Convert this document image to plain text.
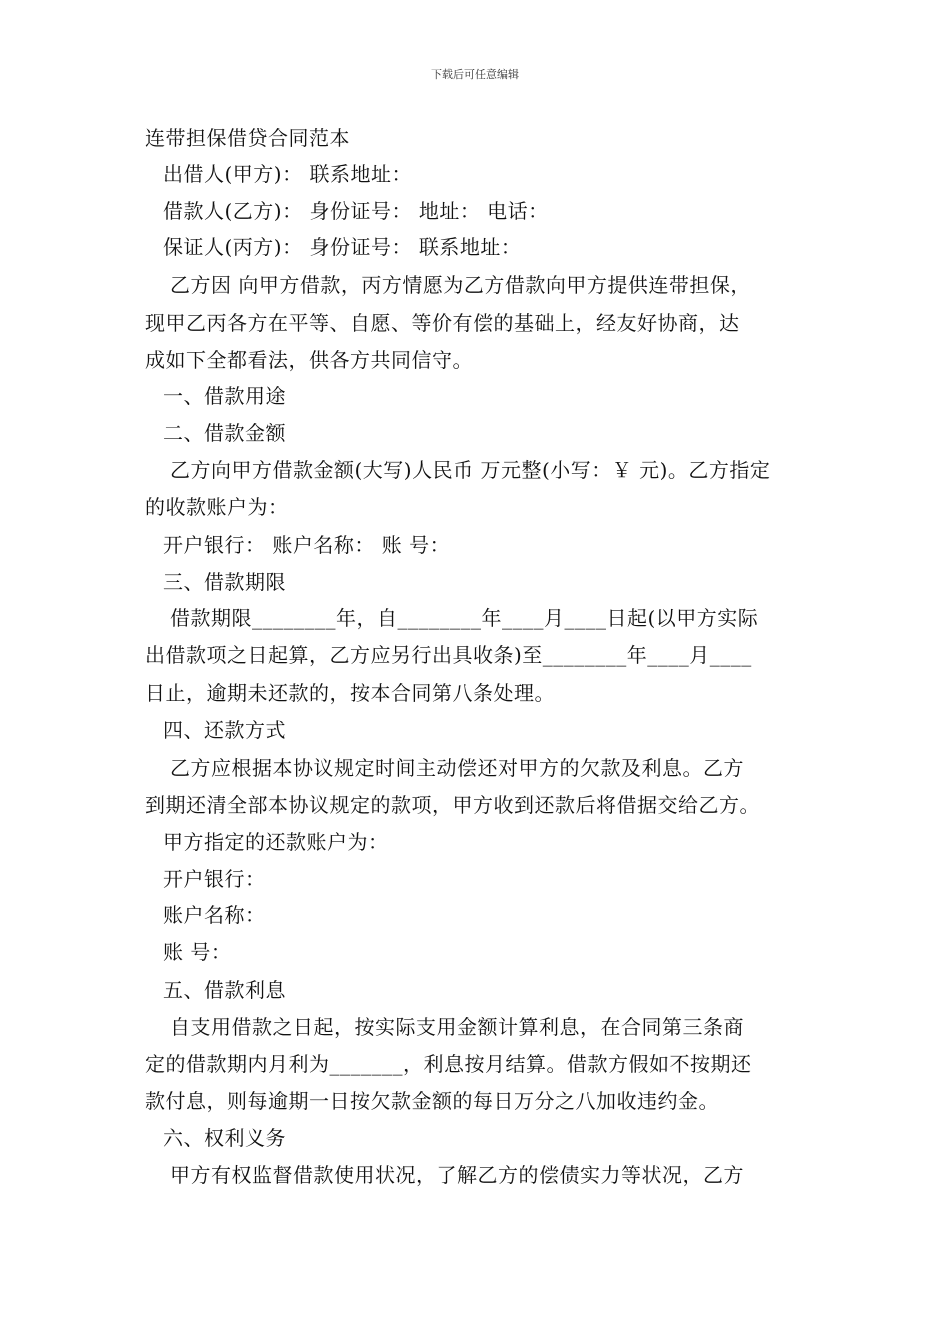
下载后可任意编辑
连带担保借贷合同范本
出借人(甲方)： 联系地址：
借款人(乙方)： 身份证号： 地址： 电话：
保证人(丙方)： 身份证号： 联系地址：
乙方因 向甲方借款，丙方情愿为乙方借款向甲方提供连带担保，
现甲乙丙各方在平等、自愿、等价有偿的基础上，经友好协商，达
成如下全都看法，供各方共同信守。
一、借款用途
二、借款金额
乙方向甲方借款金额(大写)人民币 万元整(小写：￥ 元)。乙方指定
的收款账户为：
开户银行： 账户名称： 账 号：
三、借款期限
借款期限________年，自________年____月____日起(以甲方实际
出借款项之日起算，乙方应另行出具收条)至________年____月____
日止，逾期未还款的，按本合同第八条处理。
四、还款方式
乙方应根据本协议规定时间主动偿还对甲方的欠款及利息。乙方
到期还清全部本协议规定的款项，甲方收到还款后将借据交给乙方。
甲方指定的还款账户为：
开户银行：
账户名称：
账 号：
五、借款利息
自支用借款之日起，按实际支用金额计算利息，在合同第三条商
定的借款期内月利为_______，利息按月结算。借款方假如不按期还
款付息，则每逾期一日按欠款金额的每日万分之八加收违约金。
六、权利义务
甲方有权监督借款使用状况，了解乙方的偿债实力等状况，乙方
